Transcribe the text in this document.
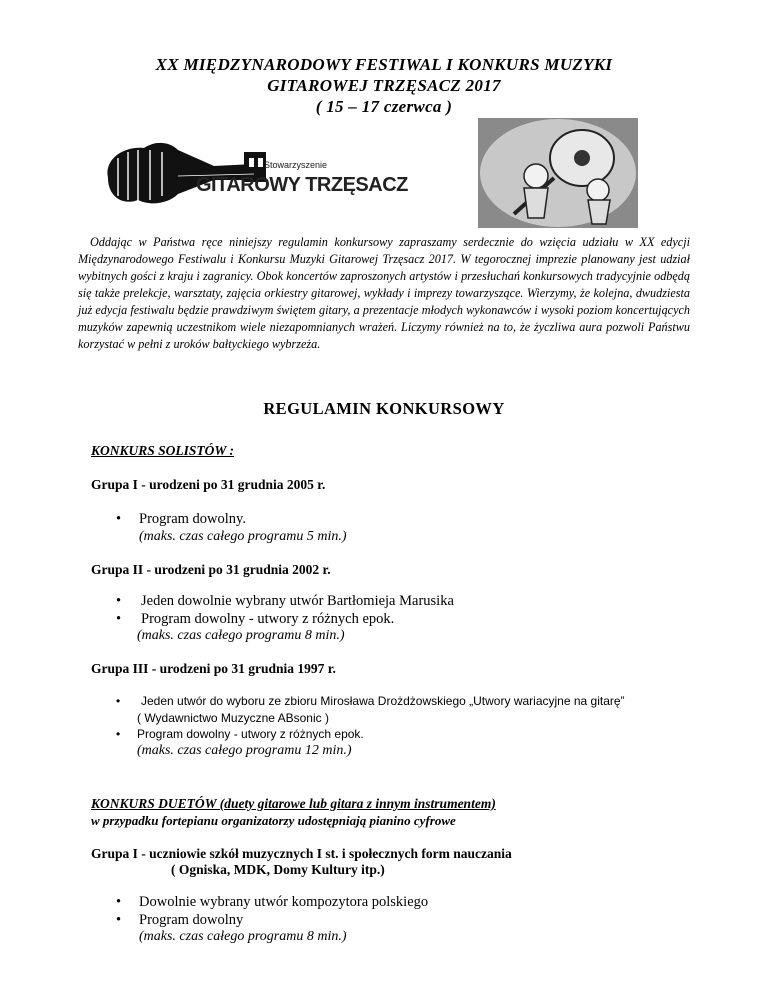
XX MIĘDZYNARODOWY FESTIWAL I KONKURS MUZYKI
GITAROWEJ TRZĘSACZ 2017
( 15 – 17 czerwca )
Stowarzyszenie
GITAROWY TRZĘSACZ

Oddając w Państwa ręce niniejszy regulamin konkursowy zapraszamy serdecznie do wzięcia udziału w XX edycji Międzynarodowego Festiwalu i Konkursu Muzyki Gitarowej Trzęsacz 2017. W tegorocznej imprezie planowany jest udział wybitnych gości z kraju i zagranicy. Obok koncertów zaproszonych artystów i przesłuchań konkursowych tradycyjnie odbędą się także prelekcje, warsztaty, zajęcia orkiestry gitarowej, wykłady i imprezy towarzyszące. Wierzymy, że kolejna, dwudziesta już edycja festiwalu będzie prawdziwym świętem gitary, a prezentacje młodych wykonawców i wysoki poziom koncertujących muzyków zapewnią uczestnikom wiele niezapomnianych wrażeń. Liczymy również na to, że życzliwa aura pozwoli Państwu korzystać w pełni z uroków bałtyckiego wybrzeża.

REGULAMIN KONKURSOWY
KONKURS SOLISTÓW :
Grupa I - urodzeni po 31 grudnia 2005 r.
• Program dowolny.
(maks. czas całego programu 5 min.)
Grupa II - urodzeni po 31 grudnia 2002 r.
• Jeden dowolnie wybrany utwór Bartłomieja Marusika
• Program dowolny - utwory z różnych epok.
(maks. czas całego programu 8 min.)
Grupa III - urodzeni po 31 grudnia 1997 r.
• Jeden utwór do wyboru ze zbioru Mirosława Drożdżowskiego „Utwory wariacyjne na gitarę”
( Wydawnictwo Muzyczne ABsonic )
• Program dowolny - utwory z różnych epok.
(maks. czas całego programu 12 min.)
KONKURS DUETÓW (duety gitarowe lub gitara z innym instrumentem)
w przypadku fortepianu organizatorzy udostępniają pianino cyfrowe
Grupa I - uczniowie szkół muzycznych I st. i społecznych form nauczania
( Ogniska, MDK, Domy Kultury itp.)
• Dowolnie wybrany utwór kompozytora polskiego
• Program dowolny
(maks. czas całego programu 8 min.)
